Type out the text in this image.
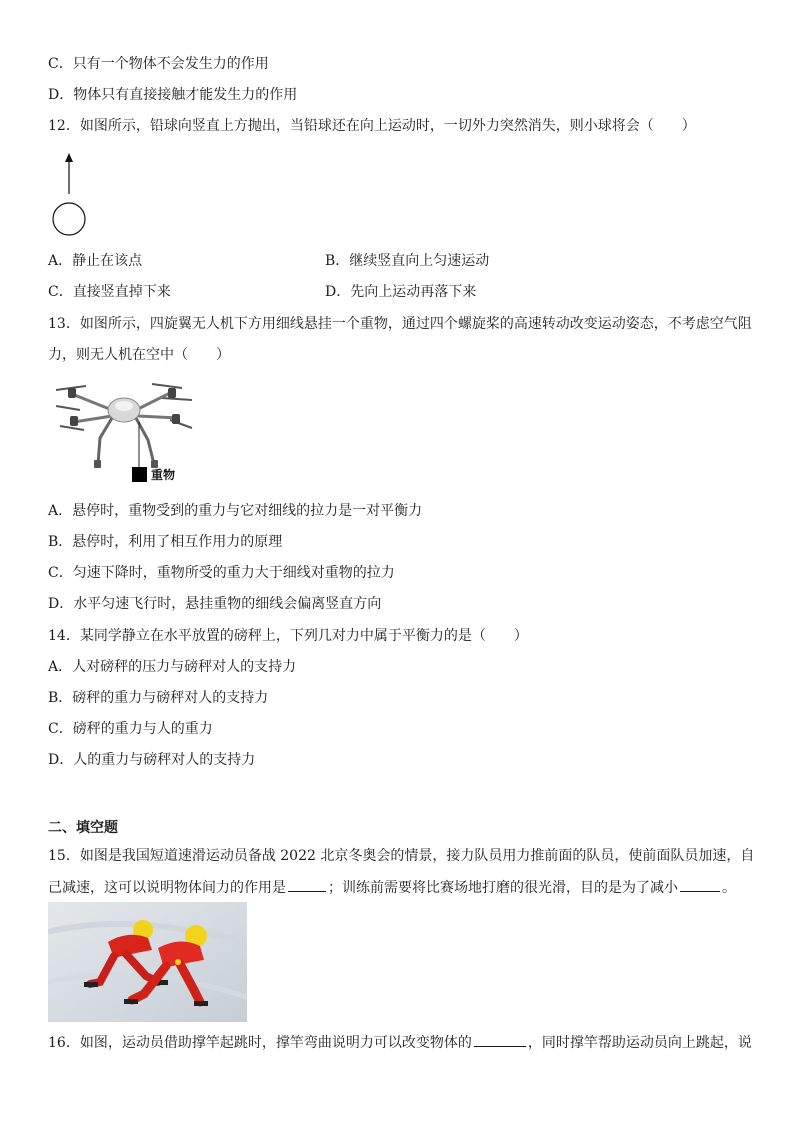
C．只有一个物体不会发生力的作用
D．物体只有直接接触才能发生力的作用
12．如图所示，铅球向竖直上方抛出，当铅球还在向上运动时，一切外力突然消失，则小球将会（　　）
A．静止在该点	B．继续竖直向上匀速运动
C．直接竖直掉下来	D．先向上运动再落下来
13．如图所示，四旋翼无人机下方用细线悬挂一个重物，通过四个螺旋桨的高速转动改变运动姿态，不考虑空气阻
力，则无人机在空中（　　）
重物
A．悬停时，重物受到的重力与它对细线的拉力是一对平衡力
B．悬停时，利用了相互作用力的原理
C．匀速下降时，重物所受的重力大于细线对重物的拉力
D．水平匀速飞行时，悬挂重物的细线会偏离竖直方向
14．某同学静立在水平放置的磅秤上，下列几对力中属于平衡力的是（　　）
A．人对磅秤的压力与磅秤对人的支持力
B．磅秤的重力与磅秤对人的支持力
C．磅秤的重力与人的重力
D．人的重力与磅秤对人的支持力
二、填空题
15．如图是我国短道速滑运动员备战 2022 北京冬奥会的情景，接力队员用力推前面的队员，使前面队员加速，自
己减速，这可以说明物体间力的作用是	；训练前需要将比赛场地打磨的很光滑，目的是为了减小	。
16．如图，运动员借助撑竿起跳时，撑竿弯曲说明力可以改变物体的	，同时撑竿帮助运动员向上跳起，说
